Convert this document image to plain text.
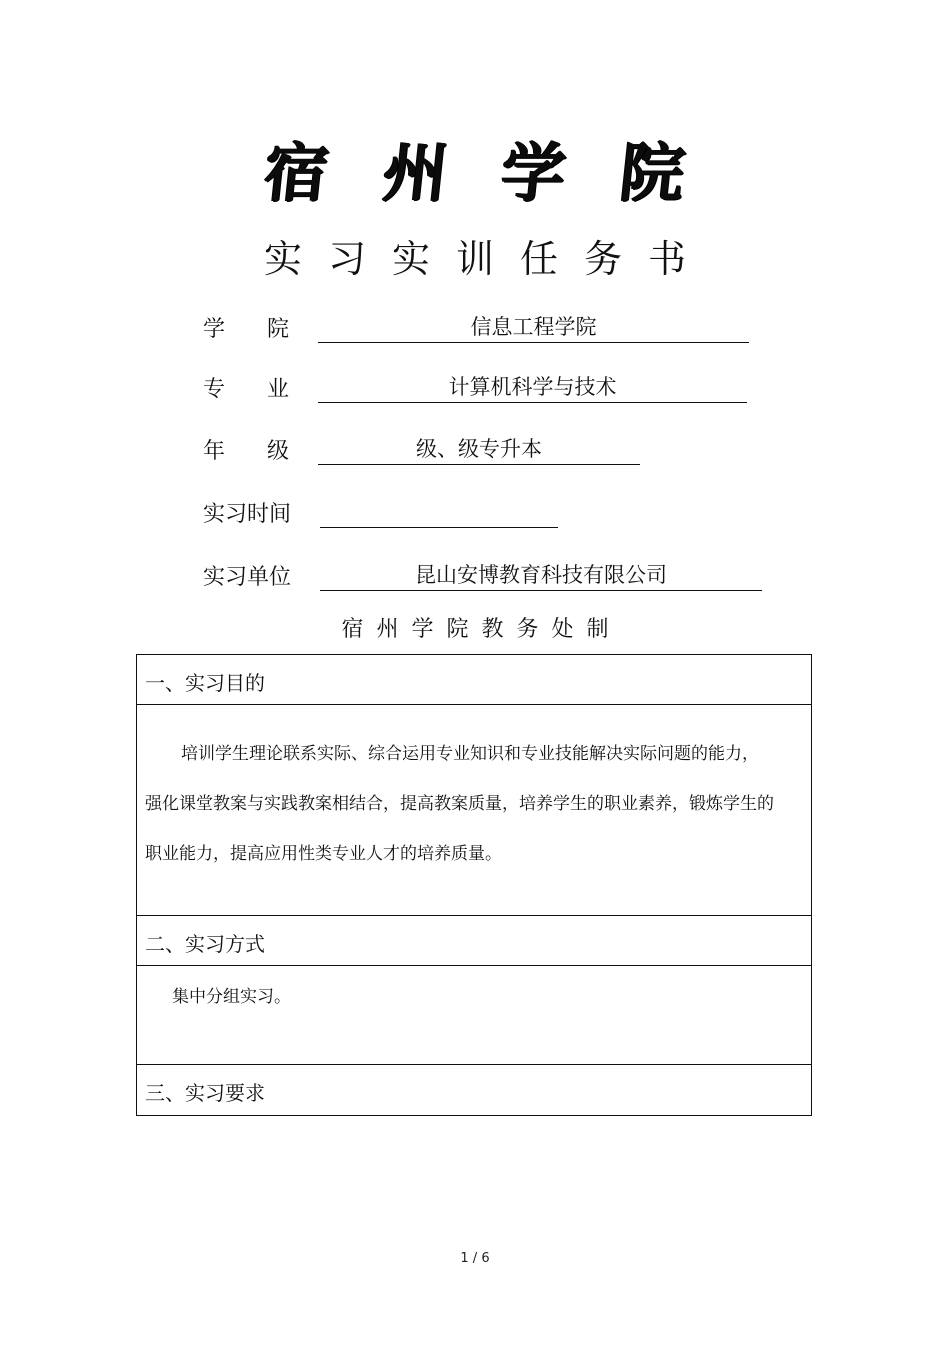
宿 州 学 院
实习实训任务书
学院	信息工程学院
专业	计算机科学与技术
年级	级、级专升本
实习时间
实习单位	昆山安博教育科技有限公司
宿州学院教务处制
一、实习目的
培训学生理论联系实际、综合运用专业知识和专业技能解决实际问题的能力，强化课堂教案与实践教案相结合，提高教案质量，培养学生的职业素养，锻炼学生的职业能力，提高应用性类专业人才的培养质量。
二、实习方式
集中分组实习。
三、实习要求
1 / 6
